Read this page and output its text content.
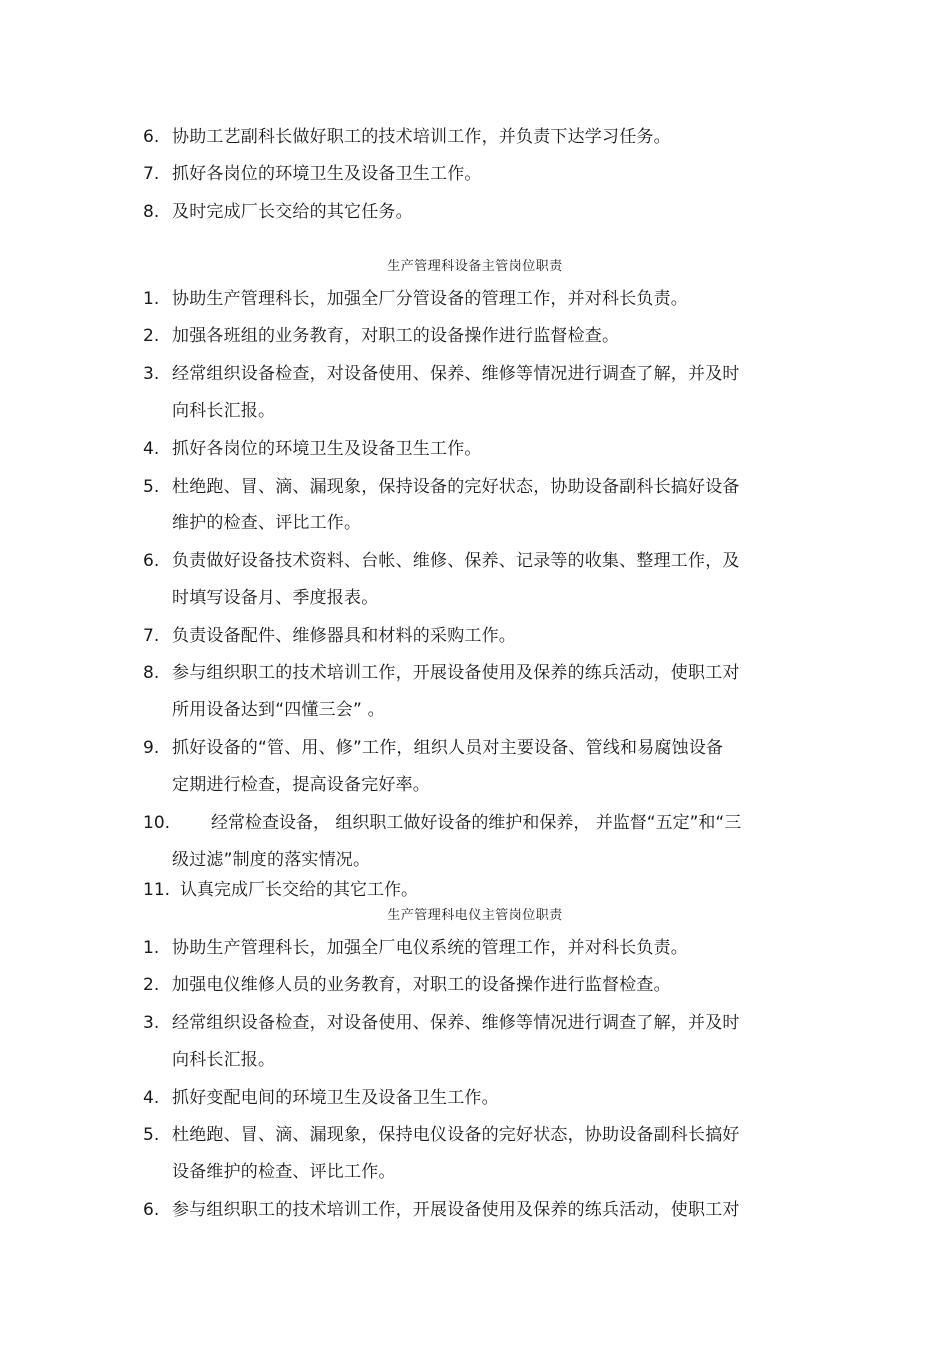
6. 协助工艺副科长做好职工的技术培训工作，并负责下达学习任务。
7. 抓好各岗位的环境卫生及设备卫生工作。
8. 及时完成厂长交给的其它任务。
生产管理科设备主管岗位职责
1. 协助生产管理科长，加强全厂分管设备的管理工作，并对科长负责。
2. 加强各班组的业务教育，对职工的设备操作进行监督检查。
3. 经常组织设备检查，对设备使用、保养、维修等情况进行调查了解，并及时
向科长汇报。
4. 抓好各岗位的环境卫生及设备卫生工作。
5. 杜绝跑、冒、滴、漏现象，保持设备的完好状态，协助设备副科长搞好设备
维护的检查、评比工作。
6. 负责做好设备技术资料、台帐、维修、保养、记录等的收集、整理工作，及
时填写设备月、季度报表。
7. 负责设备配件、维修器具和材料的采购工作。
8. 参与组织职工的技术培训工作，开展设备使用及保养的练兵活动，使职工对
所用设备达到“四懂三会” 。
9. 抓好设备的“管、用、修”工作，组织人员对主要设备、管线和易腐蚀设备
定期进行检查，提高设备完好率。
10. 经常检查设备， 组织职工做好设备的维护和保养， 并监督“五定”和“三
级过滤”制度的落实情况。
11. 认真完成厂长交给的其它工作。
生产管理科电仪主管岗位职责
1. 协助生产管理科长，加强全厂电仪系统的管理工作，并对科长负责。
2. 加强电仪维修人员的业务教育，对职工的设备操作进行监督检查。
3. 经常组织设备检查，对设备使用、保养、维修等情况进行调查了解，并及时
向科长汇报。
4. 抓好变配电间的环境卫生及设备卫生工作。
5. 杜绝跑、冒、滴、漏现象，保持电仪设备的完好状态，协助设备副科长搞好
设备维护的检查、评比工作。
6. 参与组织职工的技术培训工作，开展设备使用及保养的练兵活动，使职工对
